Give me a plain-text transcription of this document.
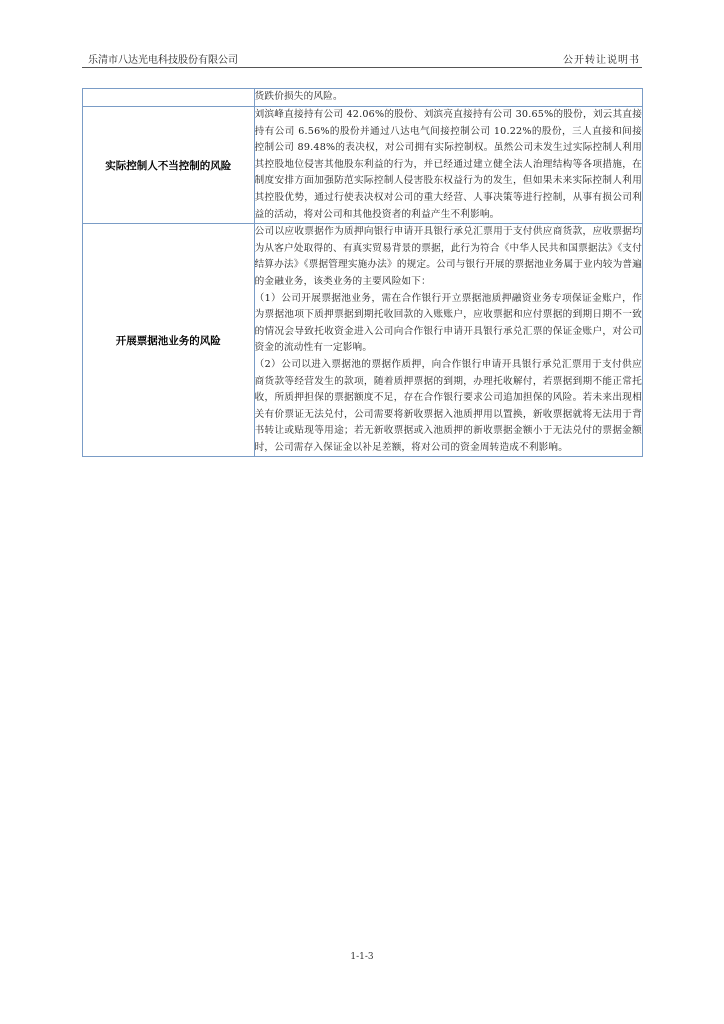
乐清市八达光电科技股份有限公司	公开转让说明书

	货跌价损失的风险。

实际控制人不当控制的风险	刘滨峰直接持有公司 42.06%的股份、刘滨亮直接持有公司 30.65%的股份，刘云其直接持有公司 6.56%的股份并通过八达电气间接控制公司 10.22%的股份，三人直接和间接控制公司 89.48%的表决权，对公司拥有实际控制权。虽然公司未发生过实际控制人利用其控股地位侵害其他股东利益的行为，并已经通过建立健全法人治理结构等各项措施，在制度安排方面加强防范实际控制人侵害股东权益行为的发生，但如果未来实际控制人利用其控股优势，通过行使表决权对公司的重大经营、人事决策等进行控制，从事有损公司利益的活动，将对公司和其他投资者的利益产生不利影响。

开展票据池业务的风险	公司以应收票据作为质押向银行申请开具银行承兑汇票用于支付供应商货款，应收票据均为从客户处取得的、有真实贸易背景的票据，此行为符合《中华人民共和国票据法》《支付结算办法》《票据管理实施办法》的规定。公司与银行开展的票据池业务属于业内较为普遍的金融业务，该类业务的主要风险如下：

（1）公司开展票据池业务，需在合作银行开立票据池质押融资业务专项保证金账户，作为票据池项下质押票据到期托收回款的入账账户，应收票据和应付票据的到期日期不一致的情况会导致托收资金进入公司向合作银行申请开具银行承兑汇票的保证金账户，对公司资金的流动性有一定影响。

（2）公司以进入票据池的票据作质押，向合作银行申请开具银行承兑汇票用于支付供应商货款等经营发生的款项，随着质押票据的到期，办理托收解付，若票据到期不能正常托收，所质押担保的票据额度不足，存在合作银行要求公司追加担保的风险。若未来出现相关有价票证无法兑付，公司需要将新收票据入池质押用以置换，新收票据就将无法用于背书转让或贴现等用途；若无新收票据或入池质押的新收票据金额小于无法兑付的票据金额时，公司需存入保证金以补足差额，将对公司的资金周转造成不利影响。

1-1-3
